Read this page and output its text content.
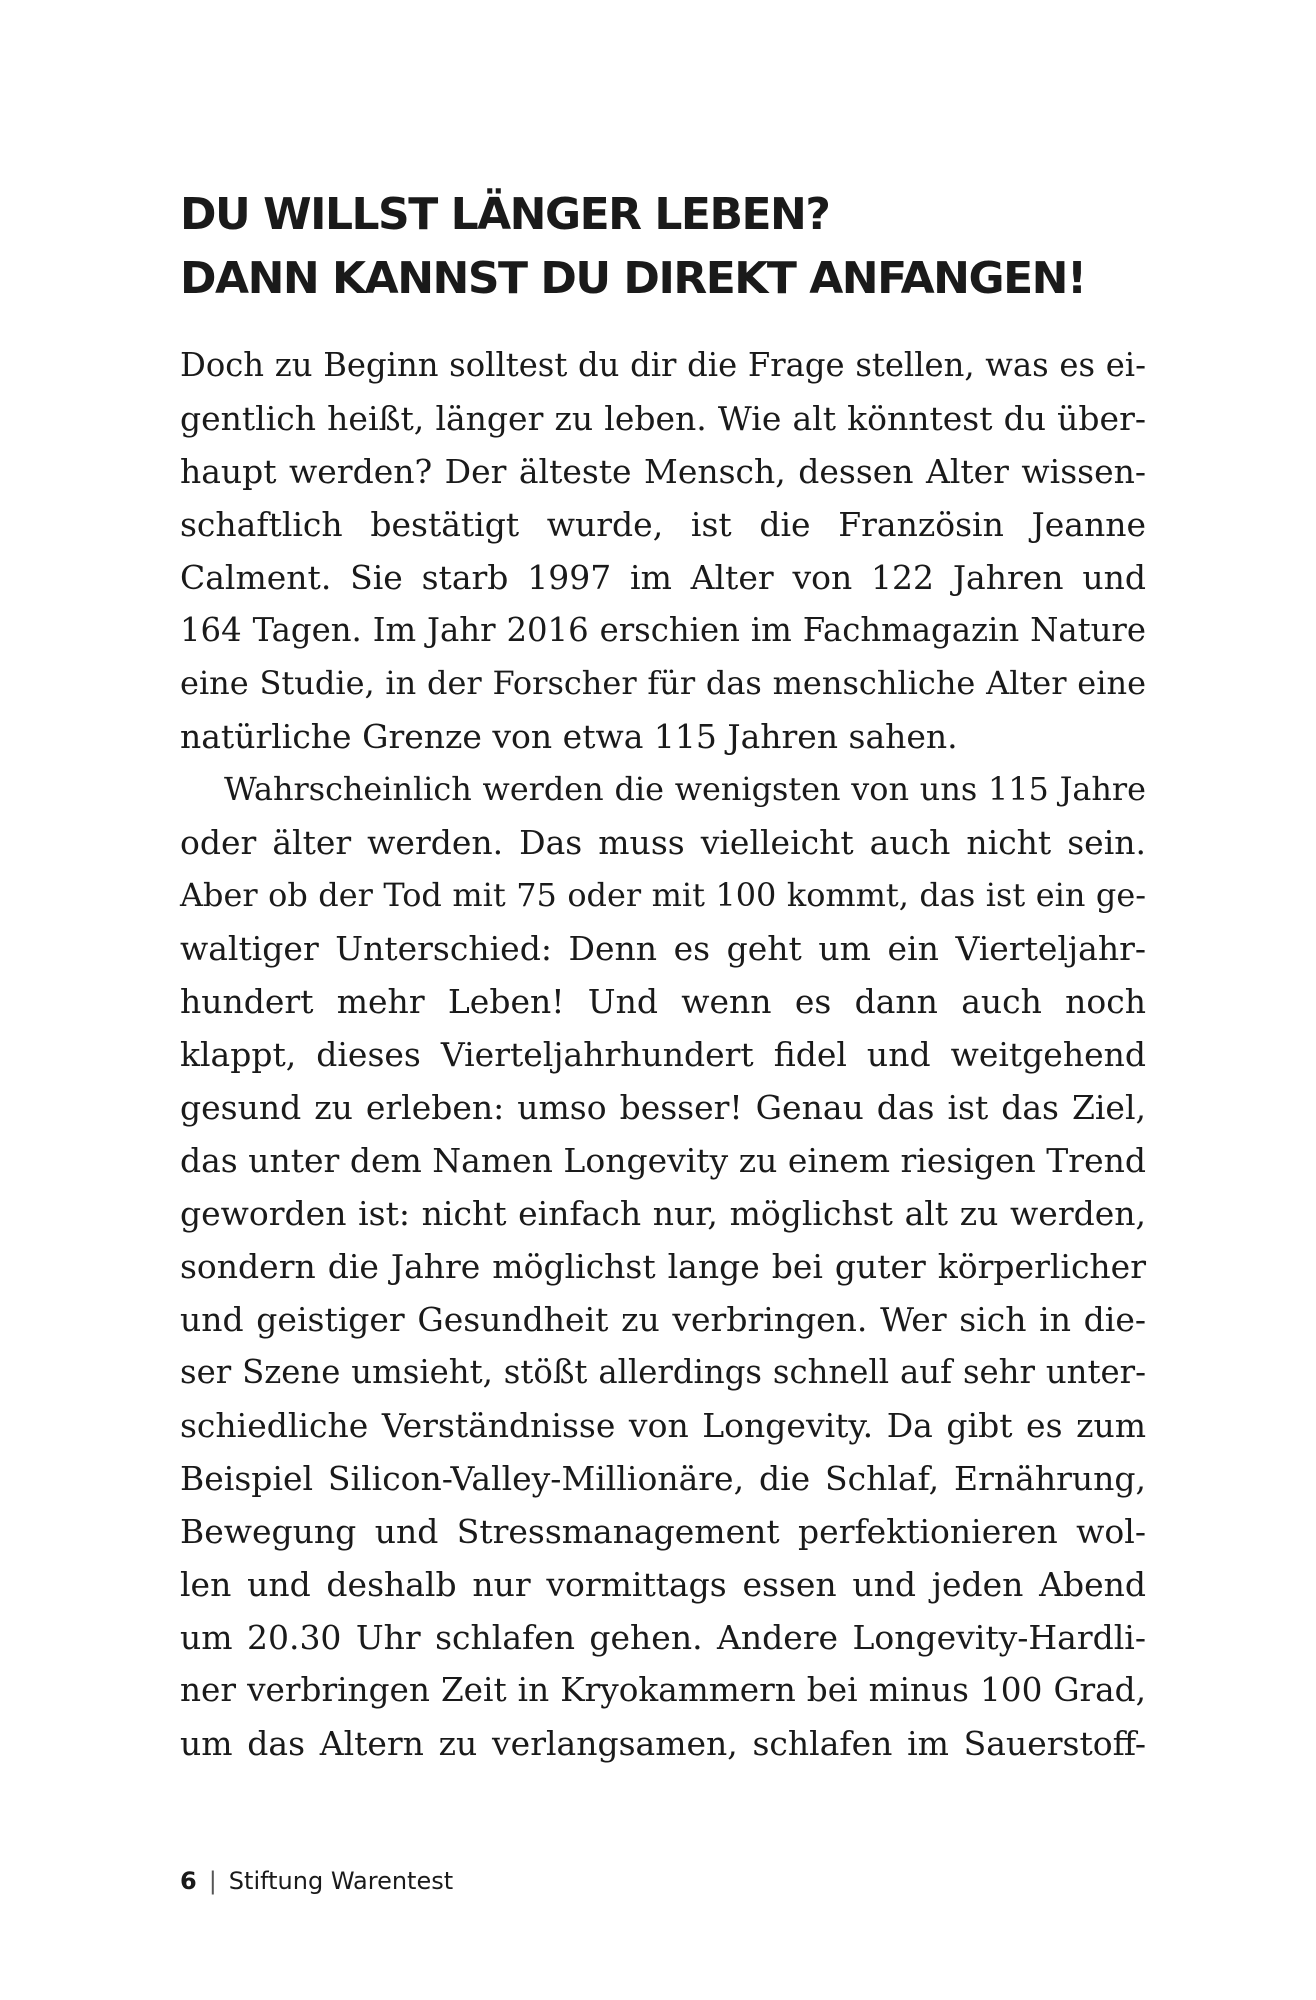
DU WILLST LÄNGER LEBEN?
DANN KANNST DU DIREKT ANFANGEN!
Doch zu Beginn solltest du dir die Frage stellen, was es ei-
gentlich heißt, länger zu leben. Wie alt könntest du über-
haupt werden? Der älteste Mensch, dessen Alter wissen-
schaftlich bestätigt wurde, ist die Französin Jeanne
Calment. Sie starb 1997 im Alter von 122 Jahren und
164 Tagen. Im Jahr 2016 erschien im Fachmagazin Nature
eine Studie, in der Forscher für das menschliche Alter eine
natürliche Grenze von etwa 115 Jahren sahen.
Wahrscheinlich werden die wenigsten von uns 115 Jahre
oder älter werden. Das muss vielleicht auch nicht sein.
Aber ob der Tod mit 75 oder mit 100 kommt, das ist ein ge-
waltiger Unterschied: Denn es geht um ein Vierteljahr-
hundert mehr Leben! Und wenn es dann auch noch
klappt, dieses Vierteljahrhundert fidel und weitgehend
gesund zu erleben: umso besser! Genau das ist das Ziel,
das unter dem Namen Longevity zu einem riesigen Trend
geworden ist: nicht einfach nur, möglichst alt zu werden,
sondern die Jahre möglichst lange bei guter körperlicher
und geistiger Gesundheit zu verbringen. Wer sich in die-
ser Szene umsieht, stößt allerdings schnell auf sehr unter-
schiedliche Verständnisse von Longevity. Da gibt es zum
Beispiel Silicon-Valley-Millionäre, die Schlaf, Ernährung,
Bewegung und Stressmanagement perfektionieren wol-
len und deshalb nur vormittags essen und jeden Abend
um 20.30 Uhr schlafen gehen. Andere Longevity-Hardli-
ner verbringen Zeit in Kryokammern bei minus 100 Grad,
um das Altern zu verlangsamen, schlafen im Sauerstoff-
6 | Stiftung Warentest
